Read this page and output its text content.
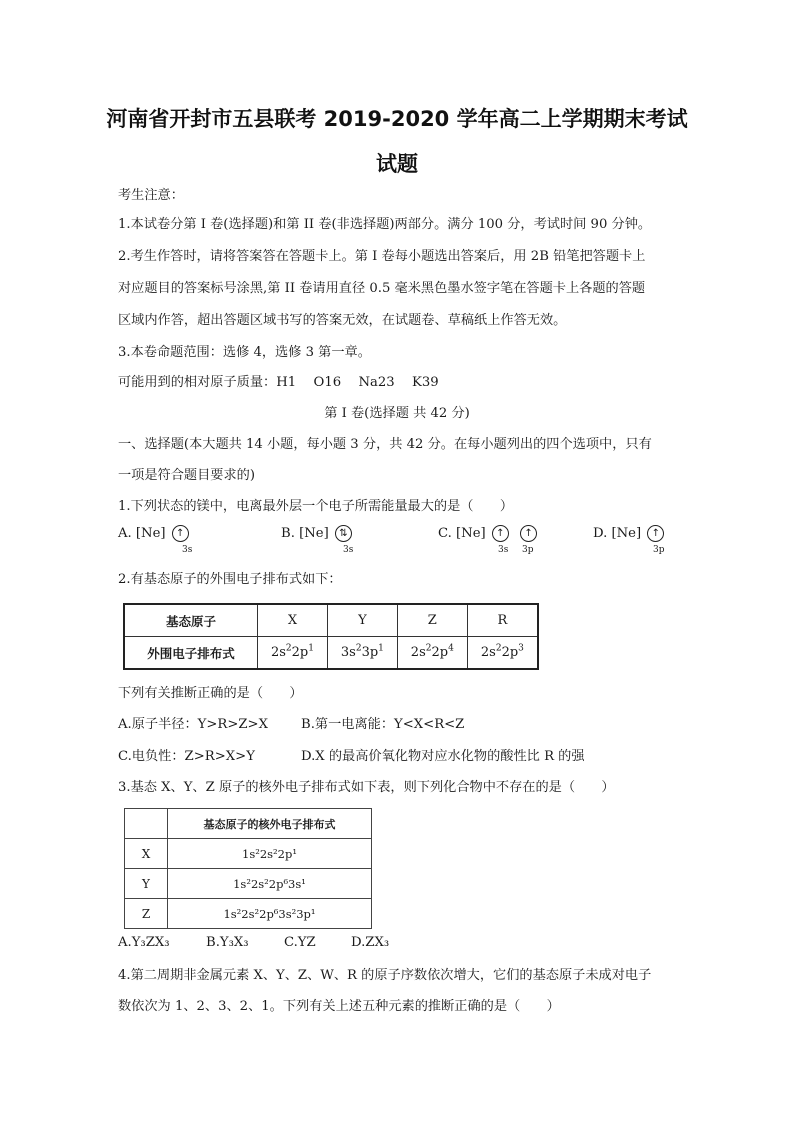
河南省开封市五县联考 2019-2020 学年高二上学期期末考试
试题
考生注意：
1.本试卷分第 I 卷(选择题)和第 II 卷(非选择题)两部分。满分 100 分，考试时间 90 分钟。
2.考生作答时，请将答案答在答题卡上。第 I 卷每小题选出答案后，用 2B 铅笔把答题卡上
对应题目的答案标号涂黑,第 II 卷请用直径 0.5 毫米黑色墨水签字笔在答题卡上各题的答题
区域内作答，超出答题区域书写的答案无效，在试题卷、草稿纸上作答无效。
3.本卷命题范围：选修 4，选修 3 第一章。
可能用到的相对原子质量：H1　 O16 　Na23　 K39
第 I 卷(选择题 共 42 分)
一、选择题(本大题共 14 小题，每小题 3 分，共 42 分。在每小题列出的四个选项中，只有
一项是符合题目要求的)
1.下列状态的镁中，电离最外层一个电子所需能量最大的是（　　）
A. [Ne] ↑
3s
B. [Ne] ⇅
3s
C. [Ne] ↑ ↑
3s 3p
D. [Ne] ↑
3p
2.有基态原子的外围电子排布式如下：
基态原子	X	Y	Z	R
外围电子排布式	$2s^22p^1$	$3s^23p^1$	$2s^22p^4$	$2s^22p^3$
下列有关推断正确的是（　　）
A.原子半径：Y>R>Z>X	B.第一电离能：Y<X<R<Z
C.电负性：Z>R>X>Y	D.X 的最高价氧化物对应水化物的酸性比 R 的强
3.基态 X、Y、Z 原子的核外电子排布式如下表，则下列化合物中不存在的是（　　）
	基态原子的核外电子排布式
X	1s²2s²2p¹
Y	1s²2s²2p⁶3s¹
Z	1s²2s²2p⁶3s²3p¹
A.Y₃ZX₃	B.Y₃X₃	C.YZ	D.ZX₃
4.第二周期非金属元素 X、Y、Z、W、R 的原子序数依次增大，它们的基态原子未成对电子
数依次为 1、2、3、2、1。下列有关上述五种元素的推断正确的是（　　）
